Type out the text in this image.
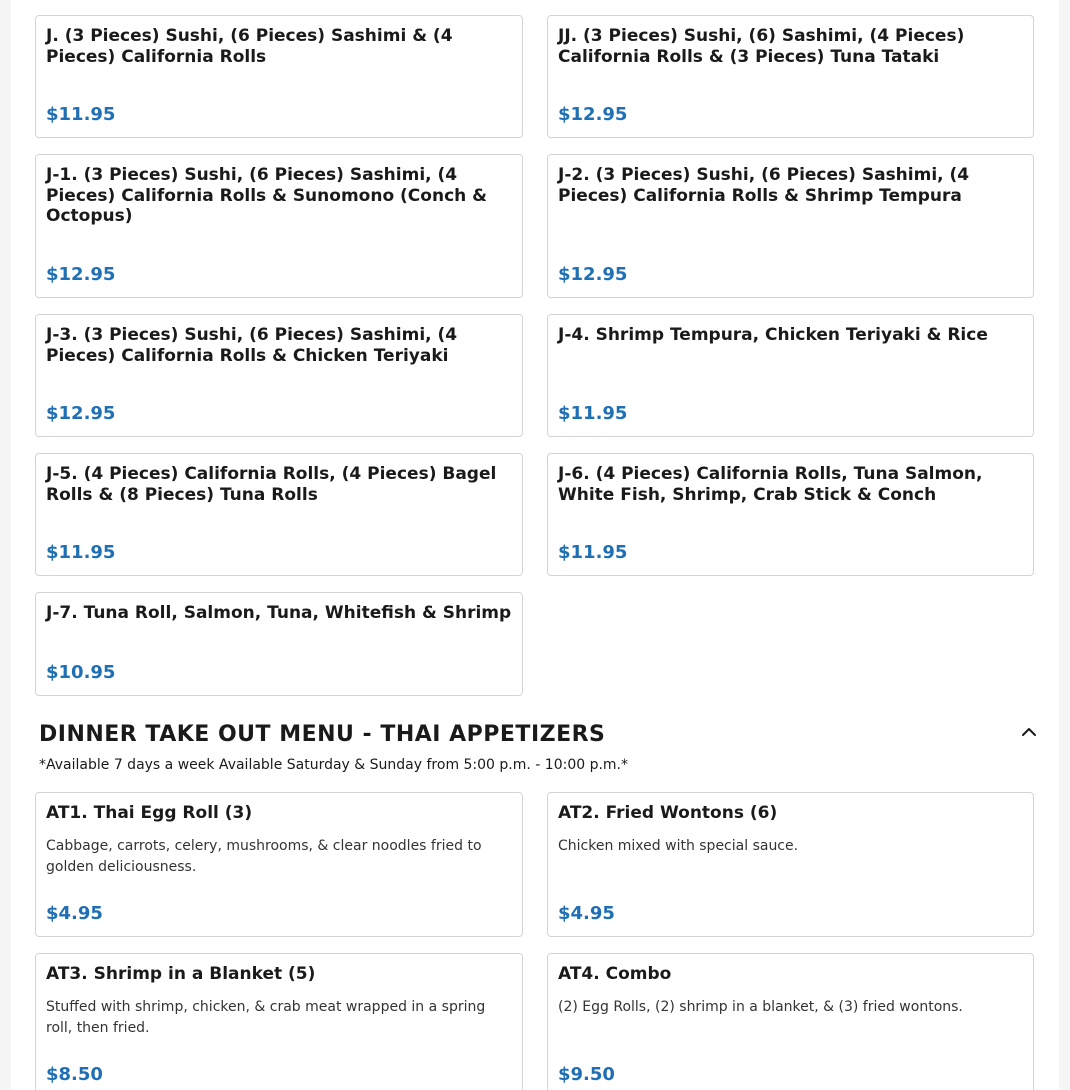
J. (3 Pieces) Sushi, (6 Pieces) Sashimi & (4 Pieces) California Rolls
$11.95
JJ. (3 Pieces) Sushi, (6) Sashimi, (4 Pieces) California Rolls & (3 Pieces) Tuna Tataki
$12.95
J-1. (3 Pieces) Sushi, (6 Pieces) Sashimi, (4 Pieces) California Rolls & Sunomono (Conch & Octopus)
$12.95
J-2. (3 Pieces) Sushi, (6 Pieces) Sashimi, (4 Pieces) California Rolls & Shrimp Tempura
$12.95
J-3. (3 Pieces) Sushi, (6 Pieces) Sashimi, (4 Pieces) California Rolls & Chicken Teriyaki
$12.95
J-4. Shrimp Tempura, Chicken Teriyaki & Rice
$11.95
J-5. (4 Pieces) California Rolls, (4 Pieces) Bagel Rolls & (8 Pieces) Tuna Rolls
$11.95
J-6. (4 Pieces) California Rolls, Tuna Salmon, White Fish, Shrimp, Crab Stick & Conch
$11.95
J-7. Tuna Roll, Salmon, Tuna, Whitefish & Shrimp
$10.95
DINNER TAKE OUT MENU - THAI APPETIZERS
*Available 7 days a week Available Saturday & Sunday from 5:00 p.m. - 10:00 p.m.*
AT1. Thai Egg Roll (3)
Cabbage, carrots, celery, mushrooms, & clear noodles fried to golden deliciousness.
$4.95
AT2. Fried Wontons (6)
Chicken mixed with special sauce.
$4.95
AT3. Shrimp in a Blanket (5)
Stuffed with shrimp, chicken, & crab meat wrapped in a spring roll, then fried.
$8.50
AT4. Combo
(2) Egg Rolls, (2) shrimp in a blanket, & (3) fried wontons.
$9.50
